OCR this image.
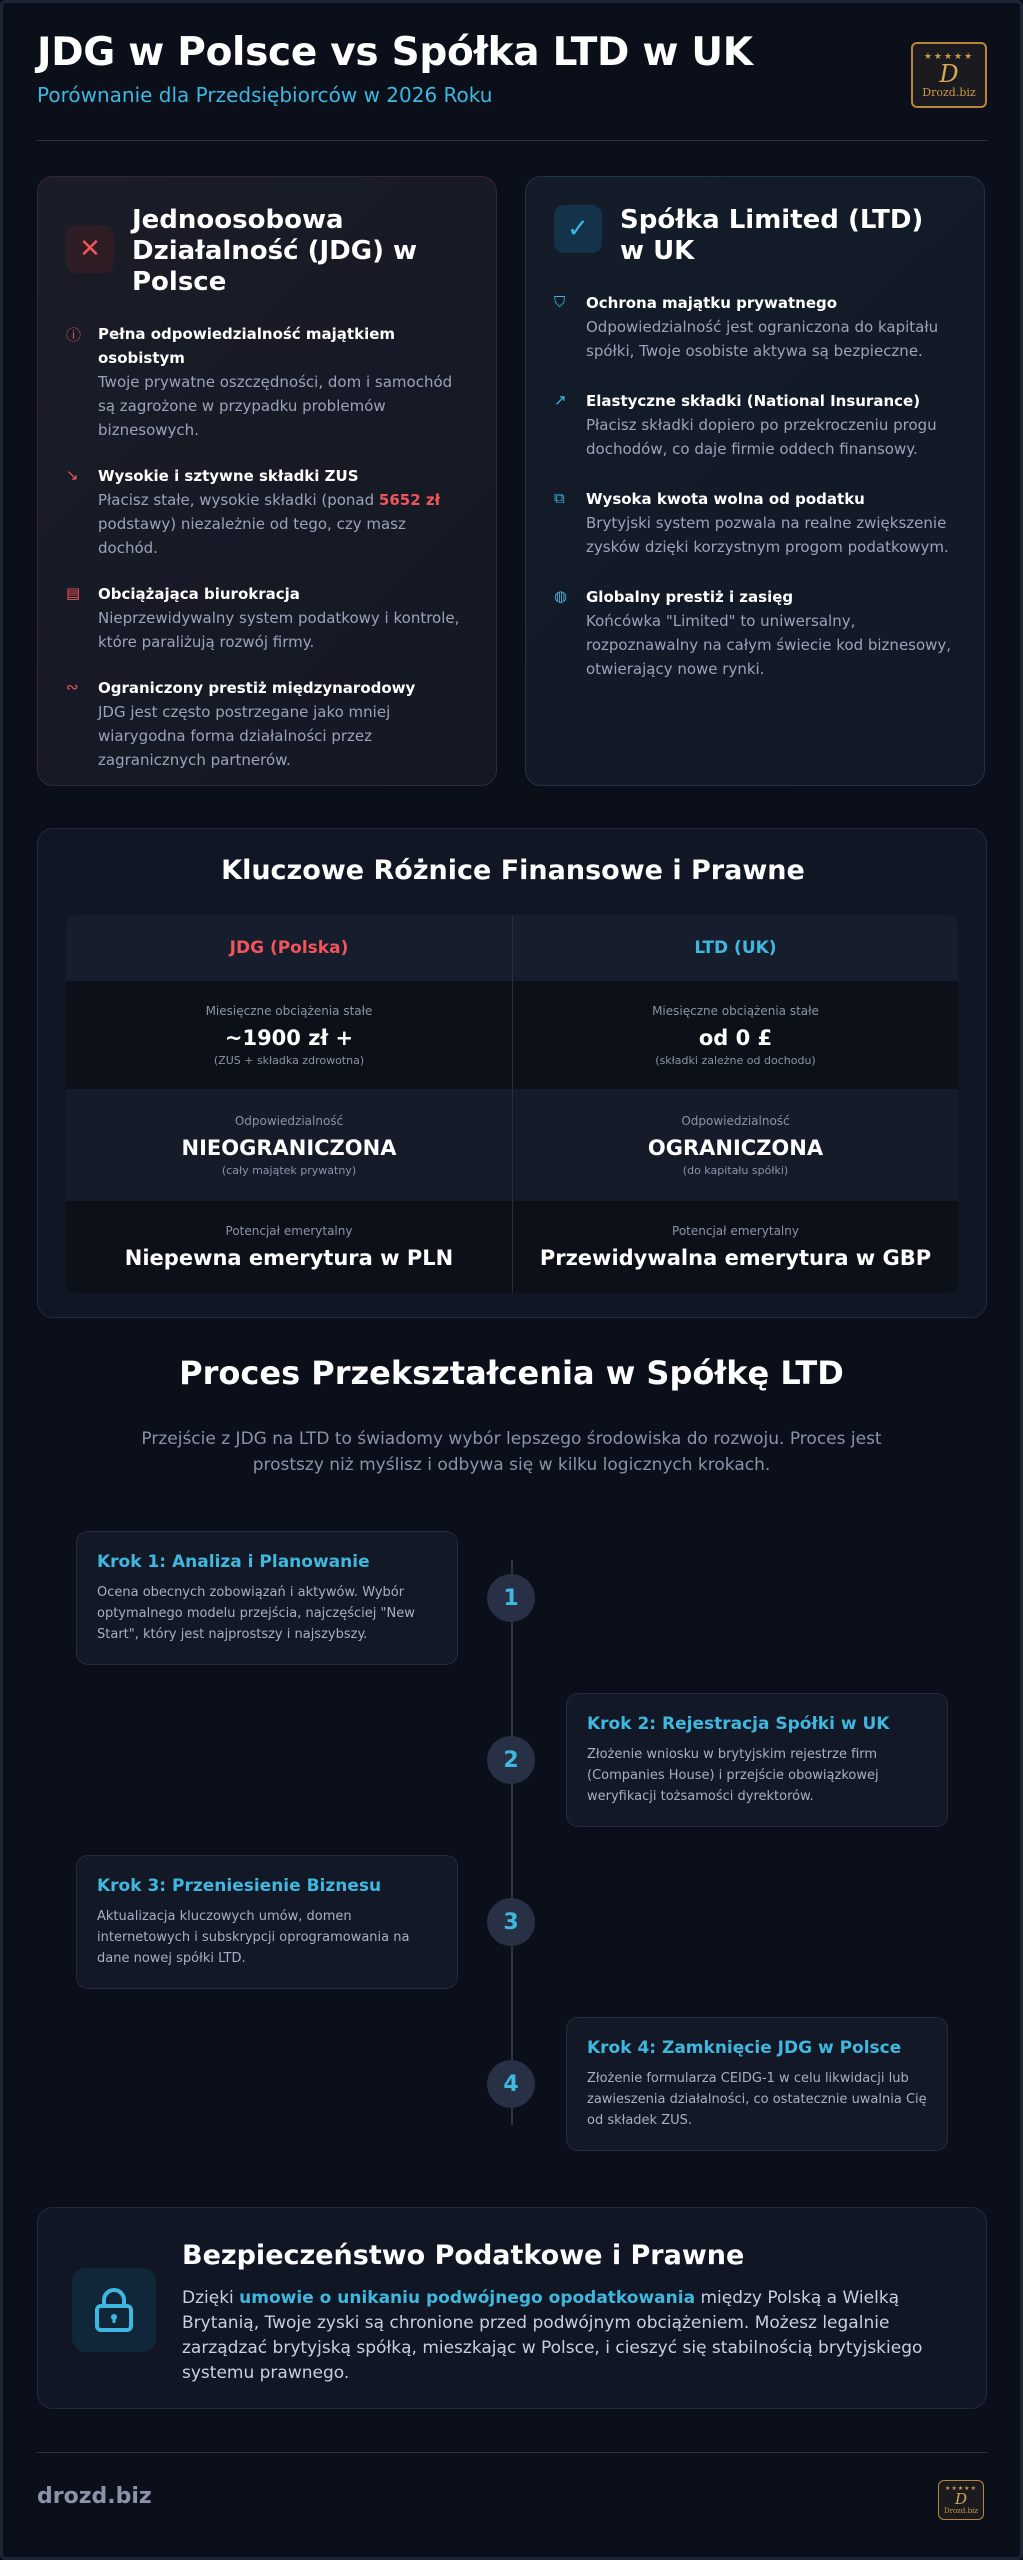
JDG w Polsce vs Spółka LTD w UK
Porównanie dla Przedsiębiorców w 2026 Roku
★★★★★
D
Drozd.biz
✕
Jednoosobowa Działalność (JDG) w Polsce
ⓘ	Pełna odpowiedzialność majątkiem osobistym
Twoje prywatne oszczędności, dom i samochód są zagrożone w przypadku problemów biznesowych.
↘	Wysokie i sztywne składki ZUS
Płacisz stałe, wysokie składki (ponad 5652 zł podstawy) niezależnie od tego, czy masz dochód.
▤	Obciążająca biurokracja
Nieprzewidywalny system podatkowy i kontrole, które paraliżują rozwój firmy.
∾	Ograniczony prestiż międzynarodowy
JDG jest często postrzegane jako mniej wiarygodna forma działalności przez zagranicznych partnerów.
✓	Spółka Limited (LTD) w UK
⛉	Ochrona majątku prywatnego
Odpowiedzialność jest ograniczona do kapitału spółki, Twoje osobiste aktywa są bezpieczne.
↗	Elastyczne składki (National Insurance)
Płacisz składki dopiero po przekroczeniu progu dochodów, co daje firmie oddech finansowy.
⧉	Wysoka kwota wolna od podatku
Brytyjski system pozwala na realne zwiększenie zysków dzięki korzystnym progom podatkowym.
◍	Globalny prestiż i zasięg
Końcówka "Limited" to uniwersalny, rozpoznawalny na całym świecie kod biznesowy, otwierający nowe rynki.
Kluczowe Różnice Finansowe i Prawne
JDG (Polska)	LTD (UK)
Miesięczne obciążenia stałe
~1900 zł +
(ZUS + składka zdrowotna)
Miesięczne obciążenia stałe
od 0 £
(składki zależne od dochodu)
Odpowiedzialność
NIEOGRANICZONA
(cały majątek prywatny)
Odpowiedzialność
OGRANICZONA
(do kapitału spółki)
Potencjał emerytalny
Niepewna emerytura w PLN
Potencjał emerytalny
Przewidywalna emerytura w GBP
Proces Przekształcenia w Spółkę LTD
Przejście z JDG na LTD to świadomy wybór lepszego środowiska do rozwoju. Proces jest prostszy niż myślisz i odbywa się w kilku logicznych krokach.
1
Krok 1: Analiza i Planowanie
Ocena obecnych zobowiązań i aktywów. Wybór optymalnego modelu przejścia, najczęściej "New Start", który jest najprostszy i najszybszy.
2
Krok 2: Rejestracja Spółki w UK
Złożenie wniosku w brytyjskim rejestrze firm (Companies House) i przejście obowiązkowej weryfikacji tożsamości dyrektorów.
3
Krok 3: Przeniesienie Biznesu
Aktualizacja kluczowych umów, domen internetowych i subskrypcji oprogramowania na dane nowej spółki LTD.
4
Krok 4: Zamknięcie JDG w Polsce
Złożenie formularza CEIDG-1 w celu likwidacji lub zawieszenia działalności, co ostatecznie uwalnia Cię od składek ZUS.
Bezpieczeństwo Podatkowe i Prawne
Dzięki umowie o unikaniu podwójnego opodatkowania między Polską a Wielką Brytanią, Twoje zyski są chronione przed podwójnym obciążeniem. Możesz legalnie zarządzać brytyjską spółką, mieszkając w Polsce, i cieszyć się stabilnością brytyjskiego systemu prawnego.
drozd.biz	★★★★★
D
Drozd.biz
